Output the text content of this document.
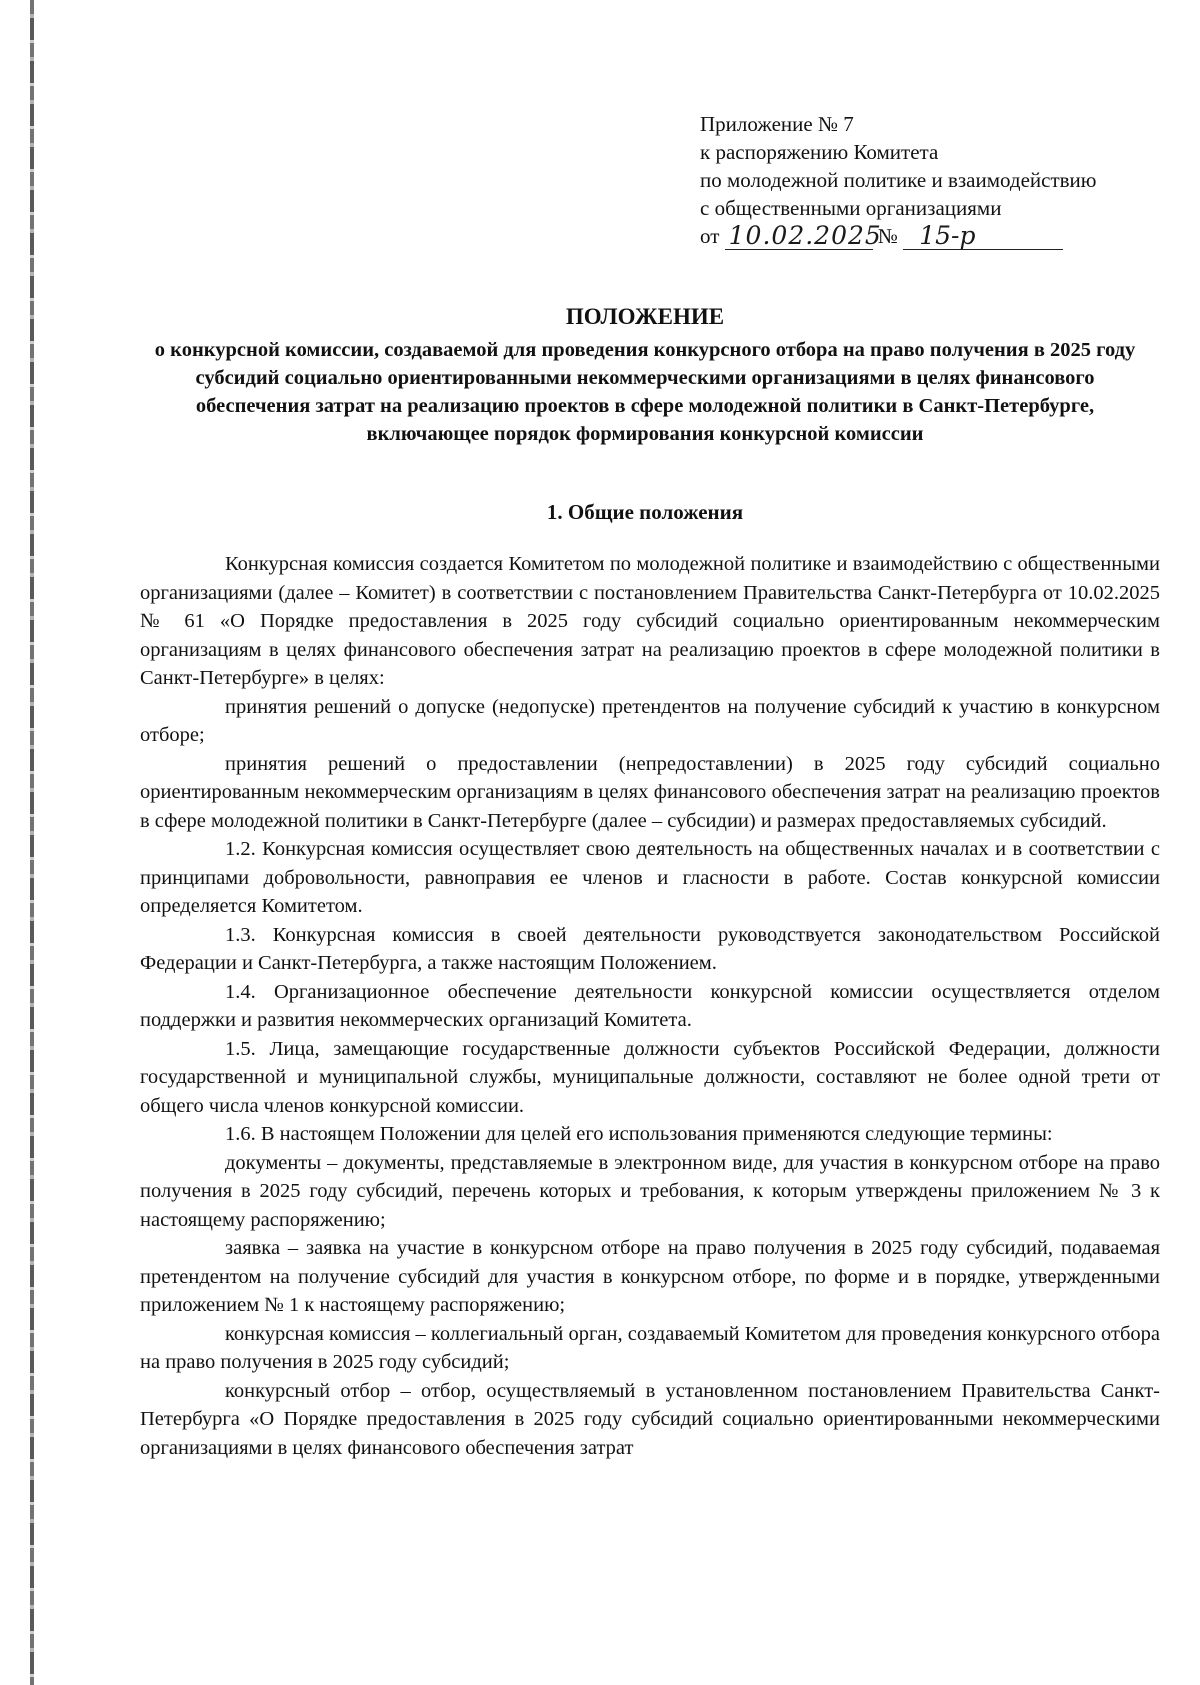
Приложение № 7
к распоряжению Комитета
по молодежной политике и взаимодействию
с общественными организациями
от
10.02.2025

№
15-р
ПОЛОЖЕНИЕ
о конкурсной комиссии, создаваемой для проведения конкурсного отбора на право получения в 2025 году субсидий социально ориентированными некоммерческими организациями в целях финансового обеспечения затрат на реализацию проектов в сфере молодежной политики в Санкт-Петербурге, включающее порядок формирования конкурсной комиссии
1. Общие положения

Конкурсная комиссия создается Комитетом по молодежной политике и взаимодействию с общественными организациями (далее – Комитет) в соответствии с постановлением Правительства Санкт-Петербурга от 10.02.2025 № 61 «О Порядке предоставления в 2025 году субсидий социально ориентированным некоммерческим организациям в целях финансового обеспечения затрат на реализацию проектов в сфере молодежной политики в Санкт-Петербурге» в целях:

принятия решений о допуске (недопуске) претендентов на получение субсидий к участию в конкурсном отборе;

принятия решений о предоставлении (непредоставлении) в 2025 году субсидий социально ориентированным некоммерческим организациям в целях финансового обеспечения затрат на реализацию проектов в сфере молодежной политики в Санкт-Петербурге (далее – субсидии) и размерах предоставляемых субсидий.

1.2. Конкурсная комиссия осуществляет свою деятельность на общественных началах и в соответствии с принципами добровольности, равноправия ее членов и гласности в работе. Состав конкурсной комиссии определяется Комитетом.

1.3. Конкурсная комиссия в своей деятельности руководствуется законодательством Российской Федерации и Санкт-Петербурга, а также настоящим Положением.

1.4. Организационное обеспечение деятельности конкурсной комиссии осуществляется отделом поддержки и развития некоммерческих организаций Комитета.

1.5. Лица, замещающие государственные должности субъектов Российской Федерации, должности государственной и муниципальной службы, муниципальные должности, составляют не более одной трети от общего числа членов конкурсной комиссии.

1.6. В настоящем Положении для целей его использования применяются следующие термины:

документы – документы, представляемые в электронном виде, для участия в конкурсном отборе на право получения в 2025 году субсидий, перечень которых и требования, к которым утверждены приложением № 3 к настоящему распоряжению;

заявка – заявка на участие в конкурсном отборе на право получения в 2025 году субсидий, подаваемая претендентом на получение субсидий для участия в конкурсном отборе, по форме и в порядке, утвержденными приложением № 1 к настоящему распоряжению;

конкурсная комиссия – коллегиальный орган, создаваемый Комитетом для проведения конкурсного отбора на право получения в 2025 году субсидий;

конкурсный отбор – отбор, осуществляемый в установленном постановлением Правительства Санкт-Петербурга «О Порядке предоставления в 2025 году субсидий социально ориентированными некоммерческими организациями в целях финансового обеспечения затрат
